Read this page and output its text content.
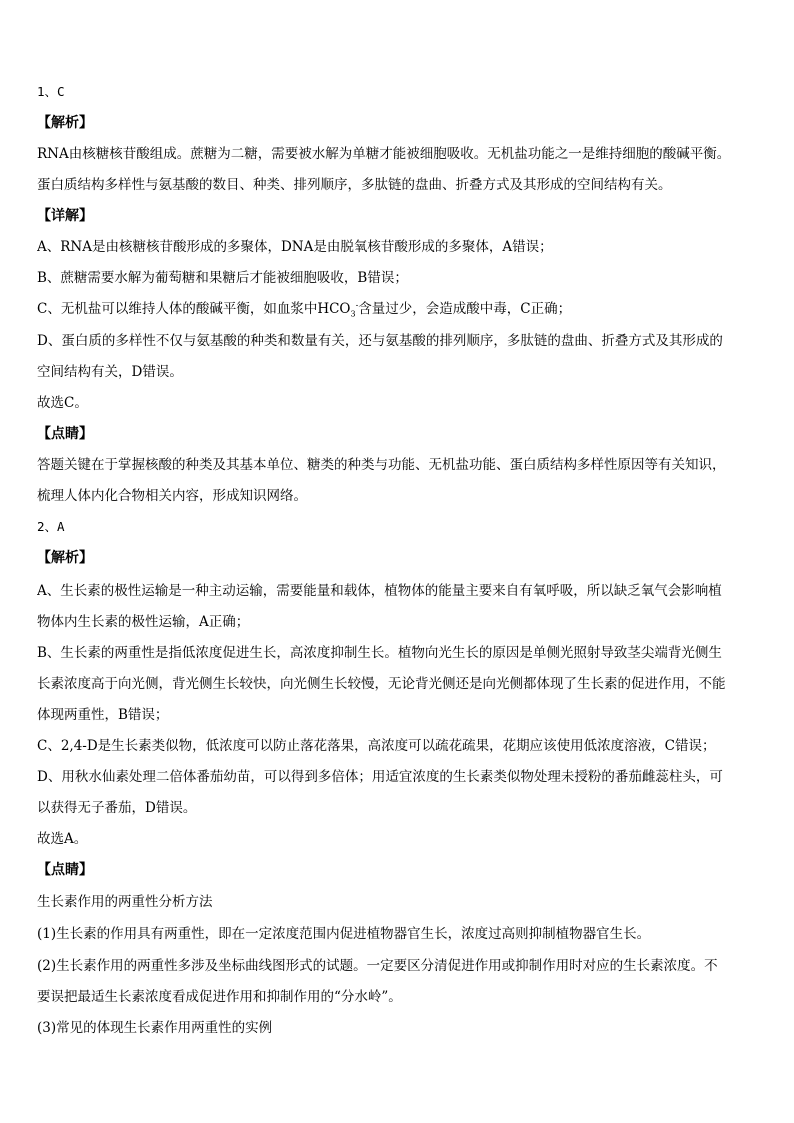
1、C
【解析】
RNA由核糖核苷酸组成。蔗糖为二糖，需要被水解为单糖才能被细胞吸收。无机盐功能之一是维持细胞的酸碱平衡。
蛋白质结构多样性与氨基酸的数目、种类、排列顺序，多肽链的盘曲、折叠方式及其形成的空间结构有关。
【详解】
A、RNA是由核糖核苷酸形成的多聚体，DNA是由脱氧核苷酸形成的多聚体，A错误；
B、蔗糖需要水解为葡萄糖和果糖后才能被细胞吸收，B错误；
C、无机盐可以维持人体的酸碱平衡，如血浆中$HCO_3^-$含量过少，会造成酸中毒，C正确；
D、蛋白质的多样性不仅与氨基酸的种类和数量有关，还与氨基酸的排列顺序，多肽链的盘曲、折叠方式及其形成的
空间结构有关，D错误。
故选C。
【点睛】
答题关键在于掌握核酸的种类及其基本单位、糖类的种类与功能、无机盐功能、蛋白质结构多样性原因等有关知识，
梳理人体内化合物相关内容，形成知识网络。
2、A
【解析】
A、生长素的极性运输是一种主动运输，需要能量和载体，植物体的能量主要来自有氧呼吸，所以缺乏氧气会影响植
物体内生长素的极性运输，A正确；
B、生长素的两重性是指低浓度促进生长，高浓度抑制生长。植物向光生长的原因是单侧光照射导致茎尖端背光侧生
长素浓度高于向光侧，背光侧生长较快，向光侧生长较慢，无论背光侧还是向光侧都体现了生长素的促进作用，不能
体现两重性，B错误；
C、2,4-D是生长素类似物，低浓度可以防止落花落果，高浓度可以疏花疏果，花期应该使用低浓度溶液，C错误；
D、用秋水仙素处理二倍体番茄幼苗，可以得到多倍体；用适宜浓度的生长素类似物处理未授粉的番茄雌蕊柱头，可
以获得无子番茄，D错误。
故选A。
【点睛】
生长素作用的两重性分析方法
(1)生长素的作用具有两重性，即在一定浓度范围内促进植物器官生长，浓度过高则抑制植物器官生长。
(2)生长素作用的两重性多涉及坐标曲线图形式的试题。一定要区分清促进作用或抑制作用时对应的生长素浓度。不
要误把最适生长素浓度看成促进作用和抑制作用的“分水岭”。
(3)常见的体现生长素作用两重性的实例
